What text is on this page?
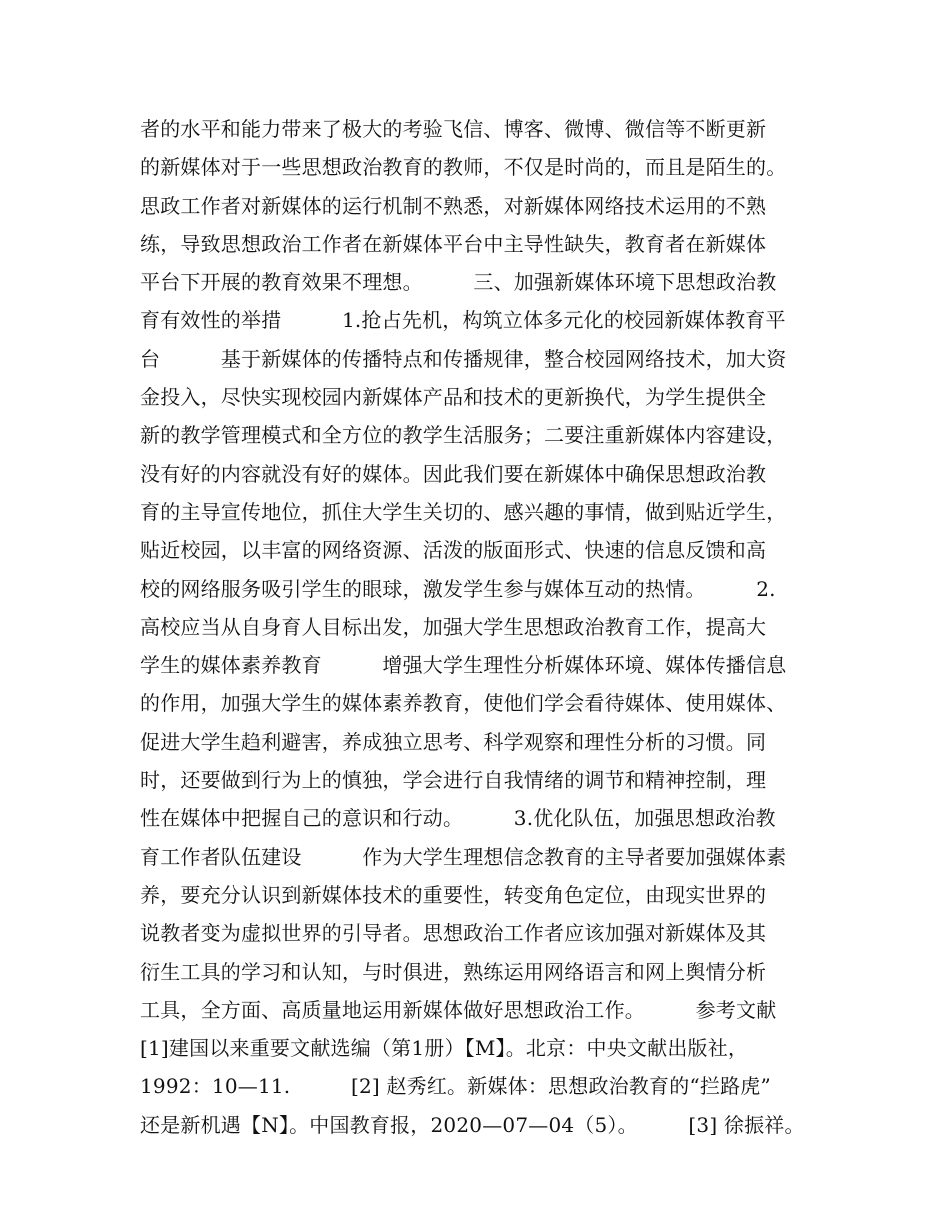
者的水平和能力带来了极大的考验飞信、博客、微博、微信等不断更新
的新媒体对于一些思想政治教育的教师，不仅是时尚的，而且是陌生的。
思政工作者对新媒体的运行机制不熟悉，对新媒体网络技术运用的不熟
练，导致思想政治工作者在新媒体平台中主导性缺失，教育者在新媒体
平台下开展的教育效果不理想。　　　三、加强新媒体环境下思想政治教
育有效性的举措　　　1.抢占先机，构筑立体多元化的校园新媒体教育平
台　　　基于新媒体的传播特点和传播规律，整合校园网络技术，加大资
金投入，尽快实现校园内新媒体产品和技术的更新换代，为学生提供全
新的教学管理模式和全方位的教学生活服务；二要注重新媒体内容建设，
没有好的内容就没有好的媒体。因此我们要在新媒体中确保思想政治教
育的主导宣传地位，抓住大学生关切的、感兴趣的事情，做到贴近学生，
贴近校园，以丰富的网络资源、活泼的版面形式、快速的信息反馈和高
校的网络服务吸引学生的眼球，激发学生参与媒体互动的热情。　　　2.
高校应当从自身育人目标出发，加强大学生思想政治教育工作，提高大
学生的媒体素养教育　　　增强大学生理性分析媒体环境、媒体传播信息
的作用，加强大学生的媒体素养教育，使他们学会看待媒体、使用媒体、
促进大学生趋利避害，养成独立思考、科学观察和理性分析的习惯。同
时，还要做到行为上的慎独，学会进行自我情绪的调节和精神控制，理
性在媒体中把握自己的意识和行动。　　　3.优化队伍，加强思想政治教
育工作者队伍建设　　　作为大学生理想信念教育的主导者要加强媒体素
养，要充分认识到新媒体技术的重要性，转变角色定位，由现实世界的
说教者变为虚拟世界的引导者。思想政治工作者应该加强对新媒体及其
衍生工具的学习和认知，与时俱进，熟练运用网络语言和网上舆情分析
工具，全方面、高质量地运用新媒体做好思想政治工作。　　　参考文献
[1]建国以来重要文献选编（第1册）【M】。北京：中央文献出版社，
1992：10—11.　　　[2] 赵秀红。新媒体：思想政治教育的“拦路虎”
还是新机遇【N】。中国教育报，2020—07—04（5）。　　　[3] 徐振祥。
